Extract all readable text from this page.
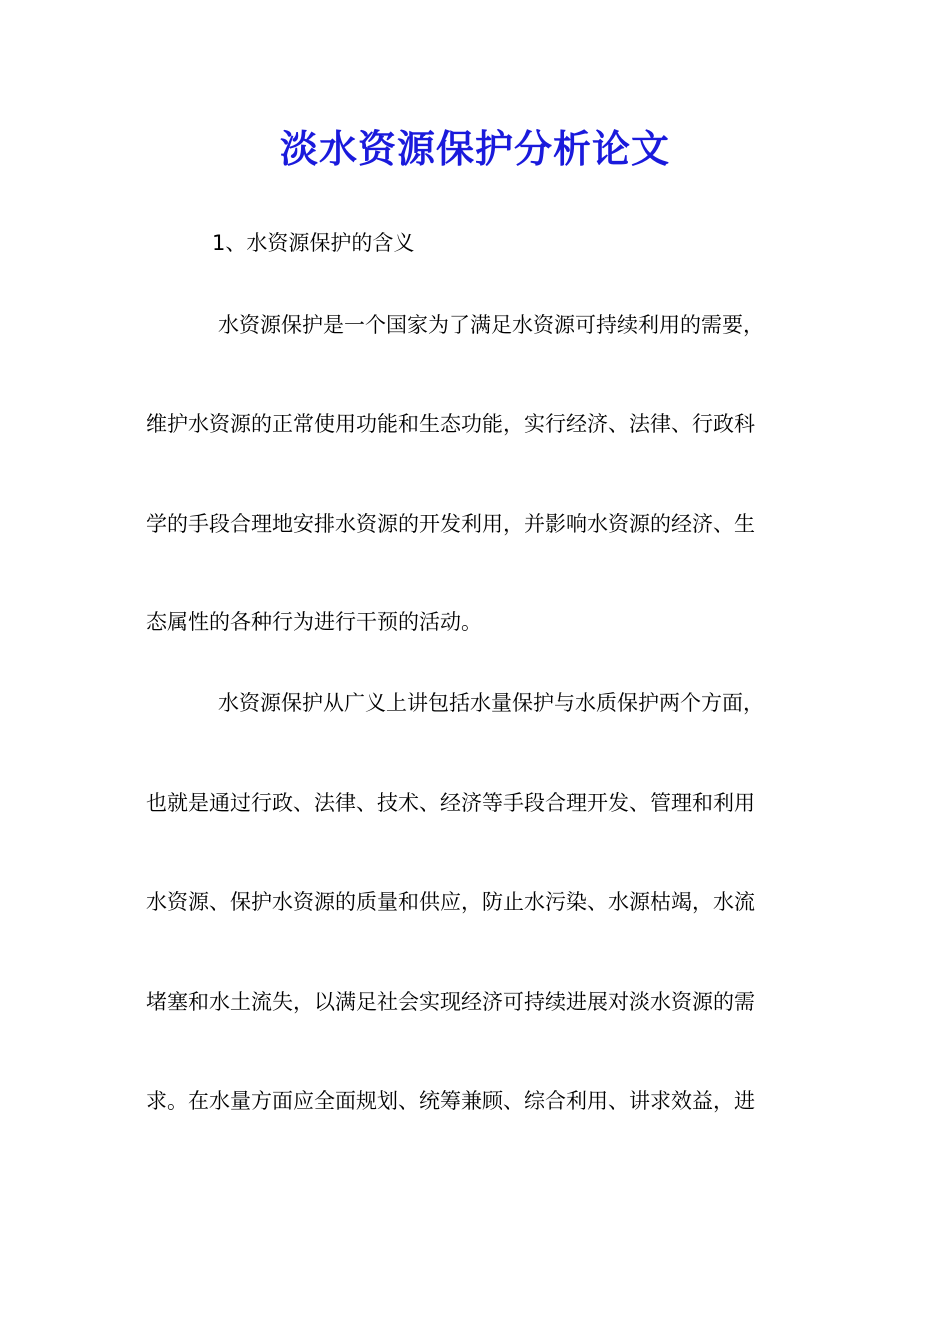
淡水资源保护分析论文

1、水资源保护的含义

水资源保护是一个国家为了满足水资源可持续利用的需要，

维护水资源的正常使用功能和生态功能，实行经济、法律、行政科

学的手段合理地安排水资源的开发利用，并影响水资源的经济、生

态属性的各种行为进行干预的活动。

水资源保护从广义上讲包括水量保护与水质保护两个方面，

也就是通过行政、法律、技术、经济等手段合理开发、管理和利用

水资源、保护水资源的质量和供应，防止水污染、水源枯竭，水流

堵塞和水土流失，以满足社会实现经济可持续进展对淡水资源的需

求。在水量方面应全面规划、统筹兼顾、综合利用、讲求效益，进
